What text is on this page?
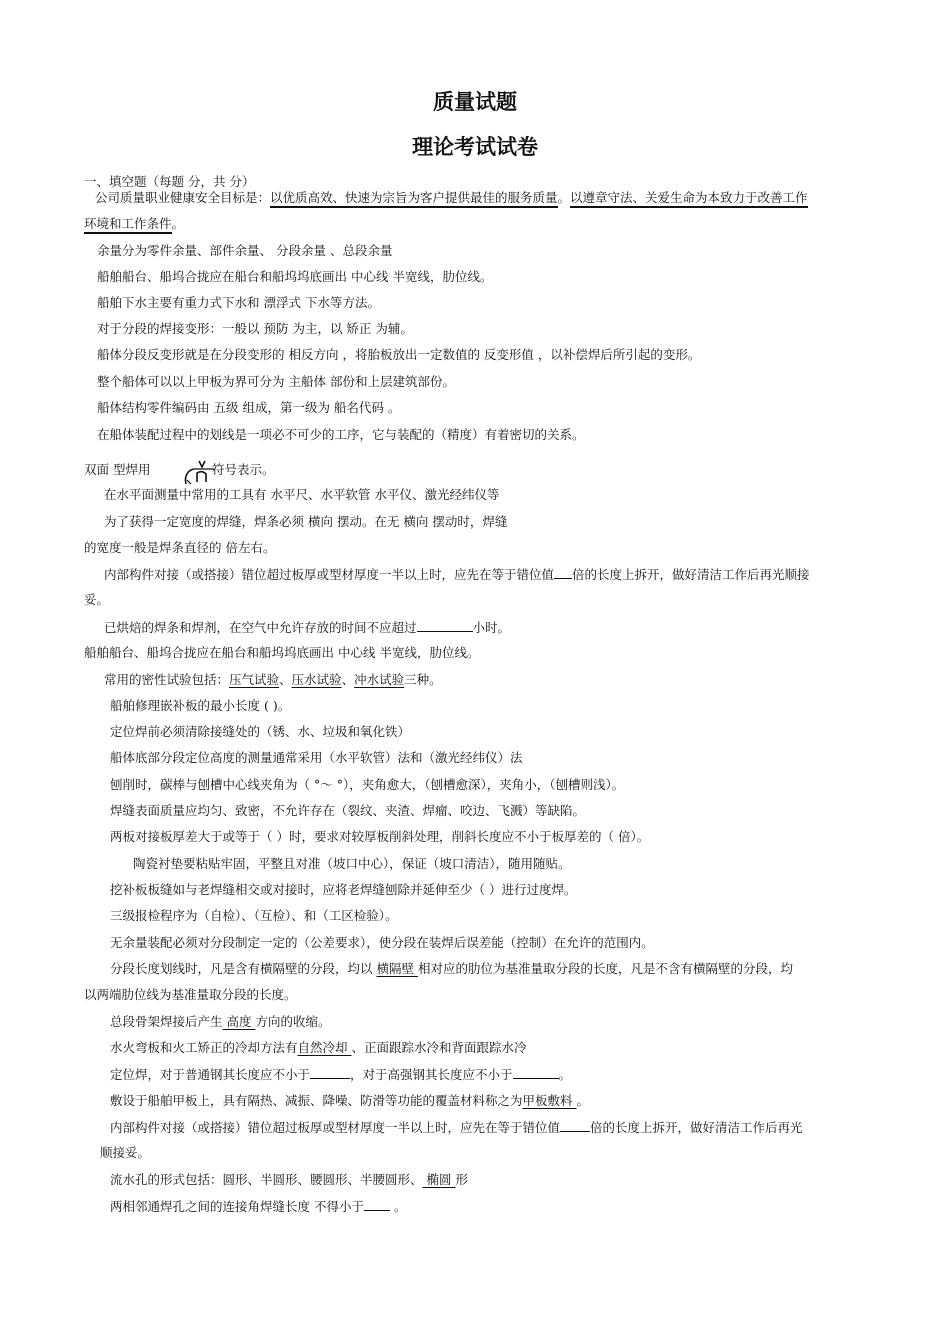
质量试题
理论考试试卷
一、填空题（每题 分，共 分）
公司质量职业健康安全目标是：以优质高效、快速为宗旨为客户提供最佳的服务质量。以遵章守法、关爱生命为本致力于改善工作
环境和工作条件。
余量分为零件余量、部件余量、 分段余量 、总段余量
船舶船台、船坞合拢应在船台和船坞坞底画出 中心线 半宽线，肋位线。
船舶下水主要有重力式下水和 漂浮式 下水等方法。
对于分段的焊接变形：一般以 预防 为主，以 矫正 为辅。
船体分段反变形就是在分段变形的 相反方向 ，将胎板放出一定数值的 反变形值 ，以补偿焊后所引起的变形。
整个船体可以以上甲板为界可分为 主船体 部份和上层建筑部份。
船体结构零件编码由 五级 组成，第一级为 船名代码 。
在船体装配过程中的划线是一项必不可少的工序，它与装配的（精度）有着密切的关系。
双面 型焊用	符号表示。
在水平面测量中常用的工具有 水平尺、水平软管 水平仪、激光经纬仪等
为了获得一定宽度的焊缝，焊条必须 横向 摆动。在无 横向 摆动时，焊缝
的宽度一般是焊条直径的 倍左右。
内部构件对接（或搭接）错位超过板厚或型材厚度一半以上时，应先在等于错位值 倍的长度上拆开，做好清洁工作后再光顺接
妥。
已烘焙的焊条和焊剂，在空气中允许存放的时间不应超过	小时。
船舶船台、船坞合拢应在船台和船坞坞底画出 中心线 半宽线，肋位线。
常用的密性试验包括：压气试验、压水试验、冲水试验三种。
船舶修理嵌补板的最小长度 ( )。
定位焊前必须清除接缝处的（锈、水、垃圾和氧化铁）
船体底部分段定位高度的测量通常采用（水平软管）法和（激光经纬仪）法
刨削时，碳棒与刨槽中心线夹角为（ °～ °），夹角愈大，（刨槽愈深），夹角小，（刨槽则浅）。
焊缝表面质量应均匀、致密，不允许存在（裂纹、夹渣、焊瘤、咬边、飞溅）等缺陷。
两板对接板厚差大于或等于（ ）时，要求对较厚板削斜处理，削斜长度应不小于板厚差的（ 倍）。
陶瓷衬垫要粘贴牢固，平整且对准（坡口中心），保证（坡口清洁），随用随贴。
挖补板板缝如与老焊缝相交或对接时，应将老焊缝刨除并延伸至少（ ）进行过度焊。
三级报检程序为（自检）、（互检）、和（工区检验）。
无余量装配必须对分段制定一定的（公差要求），使分段在装焊后误差能（控制）在允许的范围内。
分段长度划线时，凡是含有横隔壁的分段，均以 横隔壁 相对应的肋位为基准量取分段的长度，凡是不含有横隔壁的分段，均
以两端肋位线为基准量取分段的长度。
总段骨架焊接后产生 高度 方向的收缩。
水火弯板和火工矫正的冷却方法有自然冷却 、正面跟踪水冷和背面跟踪水冷
定位焊，对于普通钢其长度应不小于	，对于高强钢其长度应不小于	。
敷设于船舶甲板上，具有隔热、减振、降噪、防滑等功能的覆盖材料称之为甲板敷料 。
内部构件对接（或搭接）错位超过板厚或型材厚度一半以上时，应先在等于错位值 倍的长度上拆开，做好清洁工作后再光
顺接妥。
流水孔的形式包括：圆形、半圆形、腰圆形、半腰圆形、 椭圆 形
两相邻通焊孔之间的连接角焊缝长度 不得小于 。
